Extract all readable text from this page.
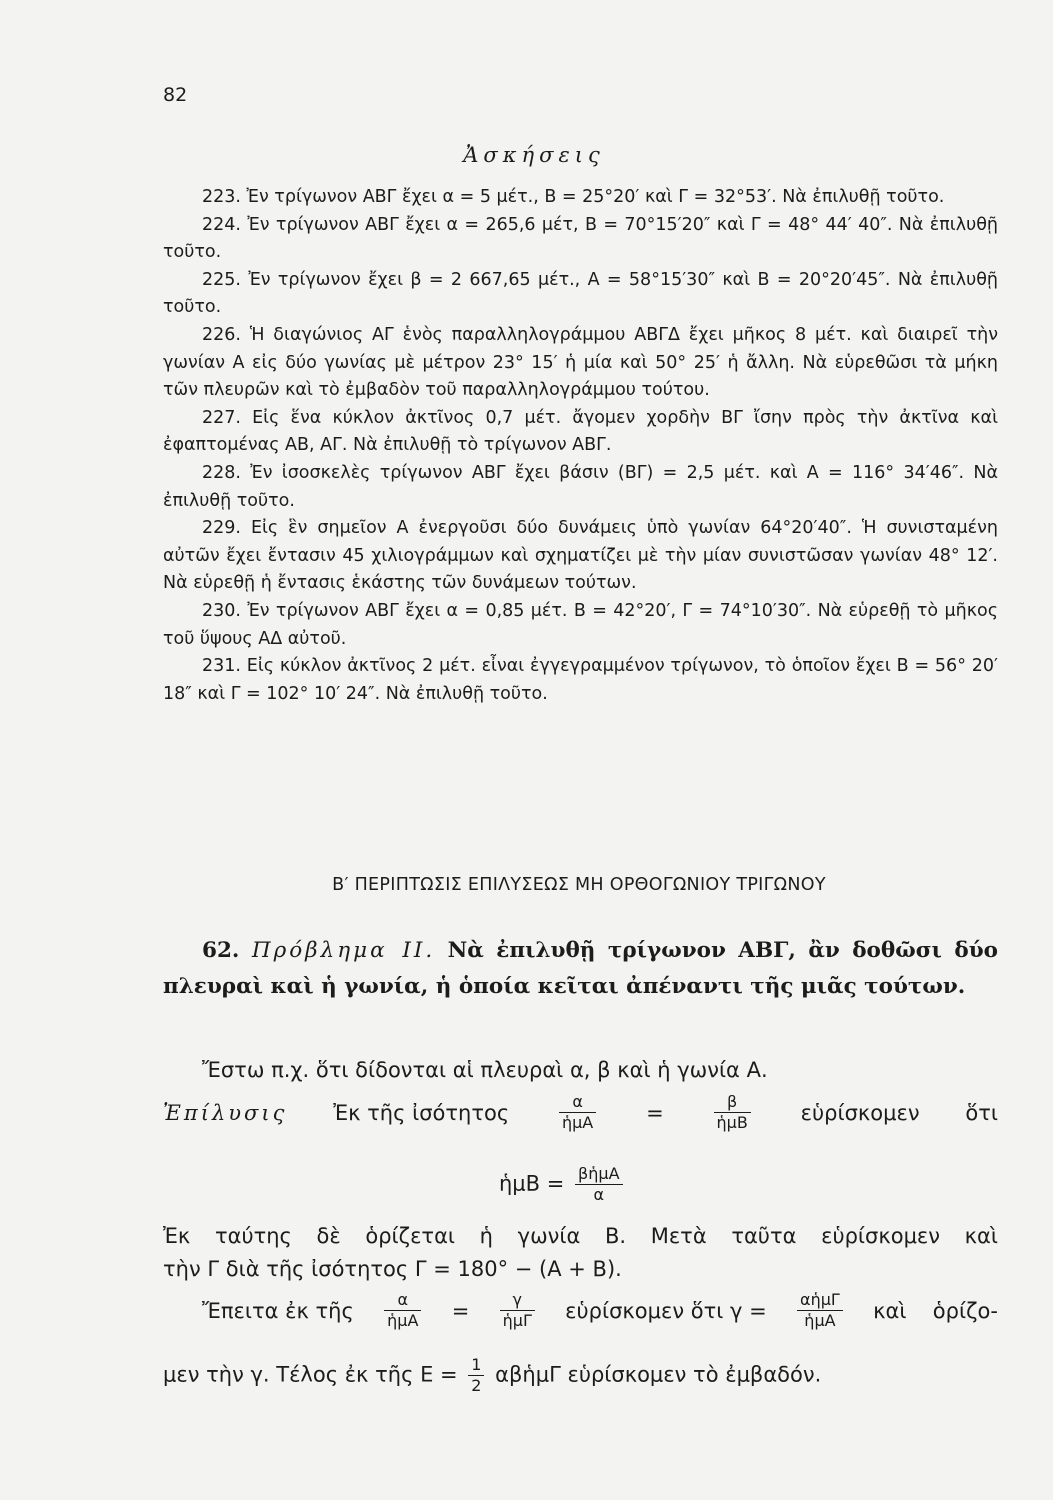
82
Ἀσκήσεις

223. Ἐν τρίγωνον ΑΒΓ ἔχει α = 5 μέτ., Β = 25°20′ καὶ Γ = 32°53′. Νὰ ἐπιλυθῇ τοῦτο.

224. Ἐν τρίγωνον ΑΒΓ ἔχει α = 265,6 μέτ, Β = 70°15′20″ καὶ Γ = 48° 44′ 40″. Νὰ ἐπιλυθῇ τοῦτο.

225. Ἐν τρίγωνον ἔχει β = 2 667,65 μέτ., Α = 58°15′30″ καὶ Β = 20°20′45″. Νὰ ἐπιλυθῇ τοῦτο.

226. Ἡ διαγώνιος ΑΓ ἑνὸς παραλληλογράμμου ΑΒΓΔ ἔχει μῆκος 8 μέτ. καὶ διαιρεῖ τὴν γωνίαν Α εἰς δύο γωνίας μὲ μέτρον 23° 15′ ἡ μία καὶ 50° 25′ ἡ ἄλλη. Νὰ εὑρεθῶσι τὰ μήκη τῶν πλευρῶν καὶ τὸ ἐμβαδὸν τοῦ παραλληλογράμμου τούτου.

227. Εἰς ἕνα κύκλον ἀκτῖνος 0,7 μέτ. ἄγομεν χορδὴν ΒΓ ἴσην πρὸς τὴν ἀκτῖνα καὶ ἐφαπτομένας ΑΒ, ΑΓ. Νὰ ἐπιλυθῇ τὸ τρίγωνον ΑΒΓ.

228. Ἐν ἰσοσκελὲς τρίγωνον ΑΒΓ ἔχει βάσιν (ΒΓ) = 2,5 μέτ. καὶ Α = 116° 34′46″. Νὰ ἐπιλυθῇ τοῦτο.

229. Εἰς ἓν σημεῖον Α ἐνεργοῦσι δύο δυνάμεις ὑπὸ γωνίαν 64°20′40″. Ἡ συνισταμένη αὐτῶν ἔχει ἔντασιν 45 χιλιογράμμων καὶ σχηματίζει μὲ τὴν μίαν συνιστῶσαν γωνίαν 48° 12′. Νὰ εὑρεθῇ ἡ ἔντασις ἑκάστης τῶν δυνάμεων τούτων.

230. Ἐν τρίγωνον ΑΒΓ ἔχει α = 0,85 μέτ. Β = 42°20′, Γ = 74°10′30″. Νὰ εὑρεθῇ τὸ μῆκος τοῦ ὕψους ΑΔ αὐτοῦ.

231. Εἰς κύκλον ἀκτῖνος 2 μέτ. εἶναι ἐγγεγραμμένον τρίγωνον, τὸ ὁποῖον ἔχει Β = 56° 20′ 18″ καὶ Γ = 102° 10′ 24″. Νὰ ἐπιλυθῇ τοῦτο.

Β′ ΠΕΡΙΠΤΩΣΙΣ ΕΠΙΛΥΣΕΩΣ ΜΗ ΟΡΘΟΓΩΝΙΟΥ ΤΡΙΓΩΝΟΥ

62. Πρόβλημα ΙΙ. Νὰ ἐπιλυθῇ τρίγωνον ΑΒΓ, ἂν δοθῶσι δύο πλευραὶ καὶ ἡ γωνία, ἡ ὁποία κεῖται ἀπέναντι τῆς μιᾶς τούτων.

Ἔστω π.χ. ὅτι δίδονται αἱ πλευραὶ α, β καὶ ἡ γωνία Α.
Ἐπίλυσις Ἐκ τῆς ἰσότητος	$\frac{\alpha}{\text{ἡμΑ}}$ =	$\frac{\beta}{\text{ἡμΒ}}$ εὑρίσκομεν ὅτι
ἡμΒ = $\frac{\text{βἡμΑ}}{\alpha}$
Ἐκ ταύτης δὲ ὁρίζεται ἡ γωνία Β. Μετὰ ταῦτα εὑρίσκομεν καὶ
τὴν Γ διὰ τῆς ἰσότητος Γ = 180° − (Α + Β).
Ἔπειτα ἐκ τῆς $\frac{\alpha}{\text{ἡμΑ}} = \frac{\gamma}{\text{ἡμΓ}}$ εὑρίσκομεν ὅτι $\gamma = \frac{\text{αἡμΓ}}{\text{ἡμΑ}}$ καὶ ὁρίζο-
μεν τὴν γ. Τέλος ἐκ τῆς $E = \frac{1}{2}$ αβἡμΓ εὑρίσκομεν τὸ ἐμβαδόν.
